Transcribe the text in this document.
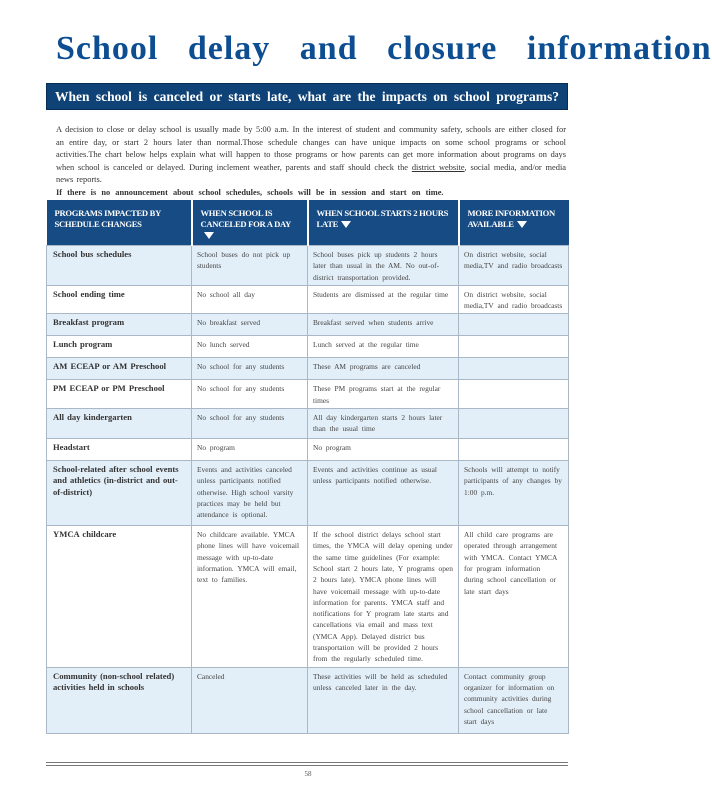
School delay and closure information
When school is canceled or starts late, what are the impacts on school programs?

A decision to close or delay school is usually made by 5:00 a.m. In the interest of student and community safety, schools are either closed for an entire day, or start 2 hours later than normal.Those schedule changes can have unique impacts on some school programs or school activities.The chart below helps explain what will happen to those programs or how parents can get more information about programs on days when school is canceled or delayed. During inclement weather, parents and staff should check the district website, social media, and/or media news reports.
If there is no announcement about school schedules, schools will be in session and start on time.

PROGRAMS IMPACTED BY SCHEDULE CHANGES	WHEN SCHOOL IS CANCELED FOR A DAY	WHEN SCHOOL STARTS 2 HOURS LATE	MORE INFORMATION AVAILABLE
School bus schedules	School buses do not pick up students	School buses pick up students 2 hours later than usual in the AM. No out-of-district transportation provided.	On district website, social media,TV and radio broadcasts
School ending time	No school all day	Students are dismissed at the regular time	On district website, social media,TV and radio broadcasts
Breakfast program	No breakfast served	Breakfast served when students arrive	
Lunch program	No lunch served	Lunch served at the regular time	
AM ECEAP or AM Preschool	No school for any students	These AM programs are canceled	
PM ECEAP or PM Preschool	No school for any students	These PM programs start at the regular times	
All day kindergarten	No school for any students	All day kindergarten starts 2 hours later than the usual time	
Headstart	No program	No program	
School-related after school events and athletics (in-district and out-of-district)	Events and activities canceled unless participants notified otherwise. High school varsity practices may be held but attendance is optional.	Events and activities continue as usual unless participants notified otherwise.	Schools will attempt to notify participants of any changes by 1:00 p.m.
YMCA childcare	No childcare available. YMCA phone lines will have voicemail message with up-to-date information. YMCA will email, text to families.	If the school district delays school start times, the YMCA will delay opening under the same time guidelines (For example: School start 2 hours late, Y programs open 2 hours late). YMCA phone lines will have voicemail message with up-to-date information for parents. YMCA staff and notifications for Y program late starts and cancellations via email and mass text (YMCA App). Delayed district bus transportation will be provided 2 hours from the regularly scheduled time.	All child care programs are operated through arrangement with YMCA. Contact YMCA for program information during school cancellation or late start days
Community (non-school related) activities held in schools	Canceled	These activities will be held as scheduled unless canceled later in the day.	Contact community group organizer for information on community activities during school cancellation or late start days
58
